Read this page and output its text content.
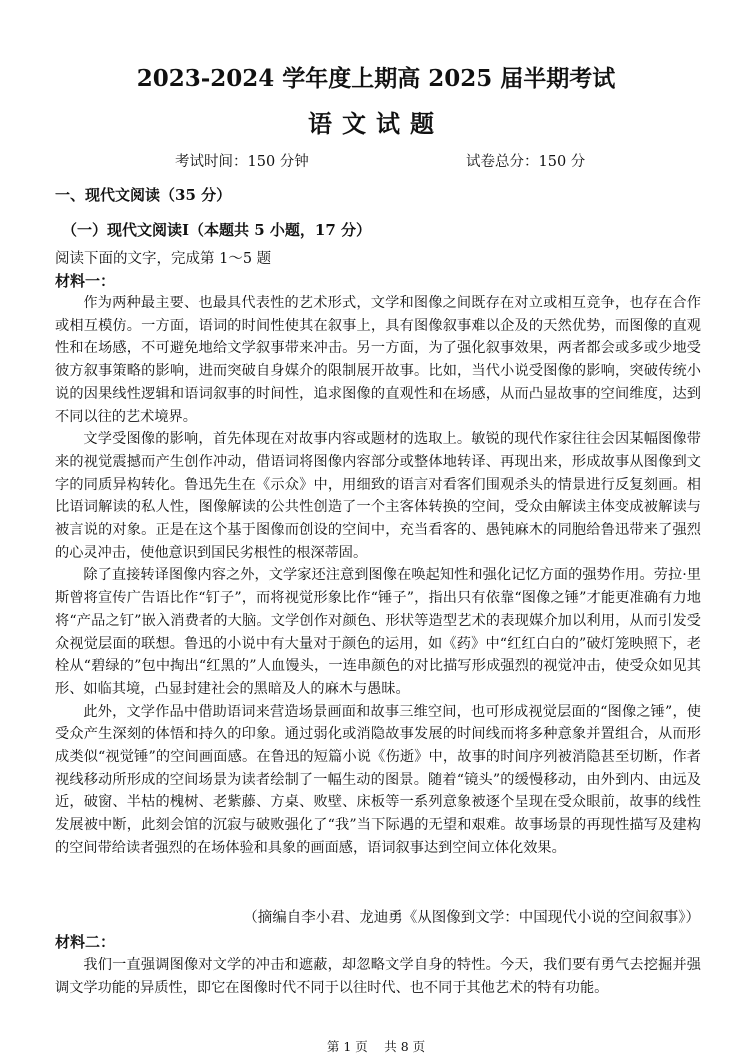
2023-2024 学年度上期高 2025 届半期考试
语文试题
考试时间：150 分钟	试卷总分：150 分
一、现代文阅读（35 分）
（一）现代文阅读I（本题共 5 小题，17 分）
阅读下面的文字，完成第 1～5 题
材料一：

作为两种最主要、也最具代表性的艺术形式，文学和图像之间既存在对立或相互竞争，也存在合作或相互模仿。一方面，语词的时间性使其在叙事上，具有图像叙事难以企及的天然优势，而图像的直观性和在场感，不可避免地给文学叙事带来冲击。另一方面，为了强化叙事效果，两者都会或多或少地受彼方叙事策略的影响，进而突破自身媒介的限制展开故事。比如，当代小说受图像的影响，突破传统小说的因果线性逻辑和语词叙事的时间性，追求图像的直观性和在场感，从而凸显故事的空间维度，达到不同以往的艺术境界。

文学受图像的影响，首先体现在对故事内容或题材的选取上。敏锐的现代作家往往会因某幅图像带来的视觉震撼而产生创作冲动，借语词将图像内容部分或整体地转译、再现出来，形成故事从图像到文字的同质异构转化。鲁迅先生在《示众》中，用细致的语言对看客们围观杀头的情景进行反复刻画。相比语词解读的私人性，图像解读的公共性创造了一个主客体转换的空间，受众由解读主体变成被解读与被言说的对象。正是在这个基于图像而创设的空间中，充当看客的、愚钝麻木的同胞给鲁迅带来了强烈的心灵冲击，使他意识到国民劣根性的根深蒂固。

除了直接转译图像内容之外，文学家还注意到图像在唤起知性和强化记忆方面的强势作用。劳拉·里斯曾将宣传广告语比作“钉子”，而将视觉形象比作“锤子”，指出只有依靠“图像之锤”才能更准确有力地将“产品之钉”嵌入消费者的大脑。文学创作对颜色、形状等造型艺术的表现媒介加以利用，从而引发受众视觉层面的联想。鲁迅的小说中有大量对于颜色的运用，如《药》中“红红白白的”破灯笼映照下，老栓从“碧绿的”包中掏出“红黑的”人血馒头，一连串颜色的对比描写形成强烈的视觉冲击，使受众如见其形、如临其境，凸显封建社会的黑暗及人的麻木与愚昧。

此外，文学作品中借助语词来营造场景画面和故事三维空间，也可形成视觉层面的“图像之锤”，使受众产生深刻的体悟和持久的印象。通过弱化或消隐故事发展的时间线而将多种意象并置组合，从而形成类似“视觉锤”的空间画面感。在鲁迅的短篇小说《伤逝》中，故事的时间序列被消隐甚至切断，作者视线移动所形成的空间场景为读者绘制了一幅生动的图景。随着“镜头”的缓慢移动，由外到内、由远及近，破窗、半枯的槐树、老紫藤、方桌、败壁、床板等一系列意象被逐个呈现在受众眼前，故事的线性发展被中断，此刻会馆的沉寂与破败强化了“我”当下际遇的无望和艰难。故事场景的再现性描写及建构的空间带给读者强烈的在场体验和具象的画面感，语词叙事达到空间立体化效果。

（摘编自李小君、龙迪勇《从图像到文学：中国现代小说的空间叙事》）
材料二：

我们一直强调图像对文学的冲击和遮蔽，却忽略文学自身的特性。今天，我们要有勇气去挖掘并强调文学功能的异质性，即它在图像时代不同于以往时代、也不同于其他艺术的特有功能。

第 1 页　 共 8 页
